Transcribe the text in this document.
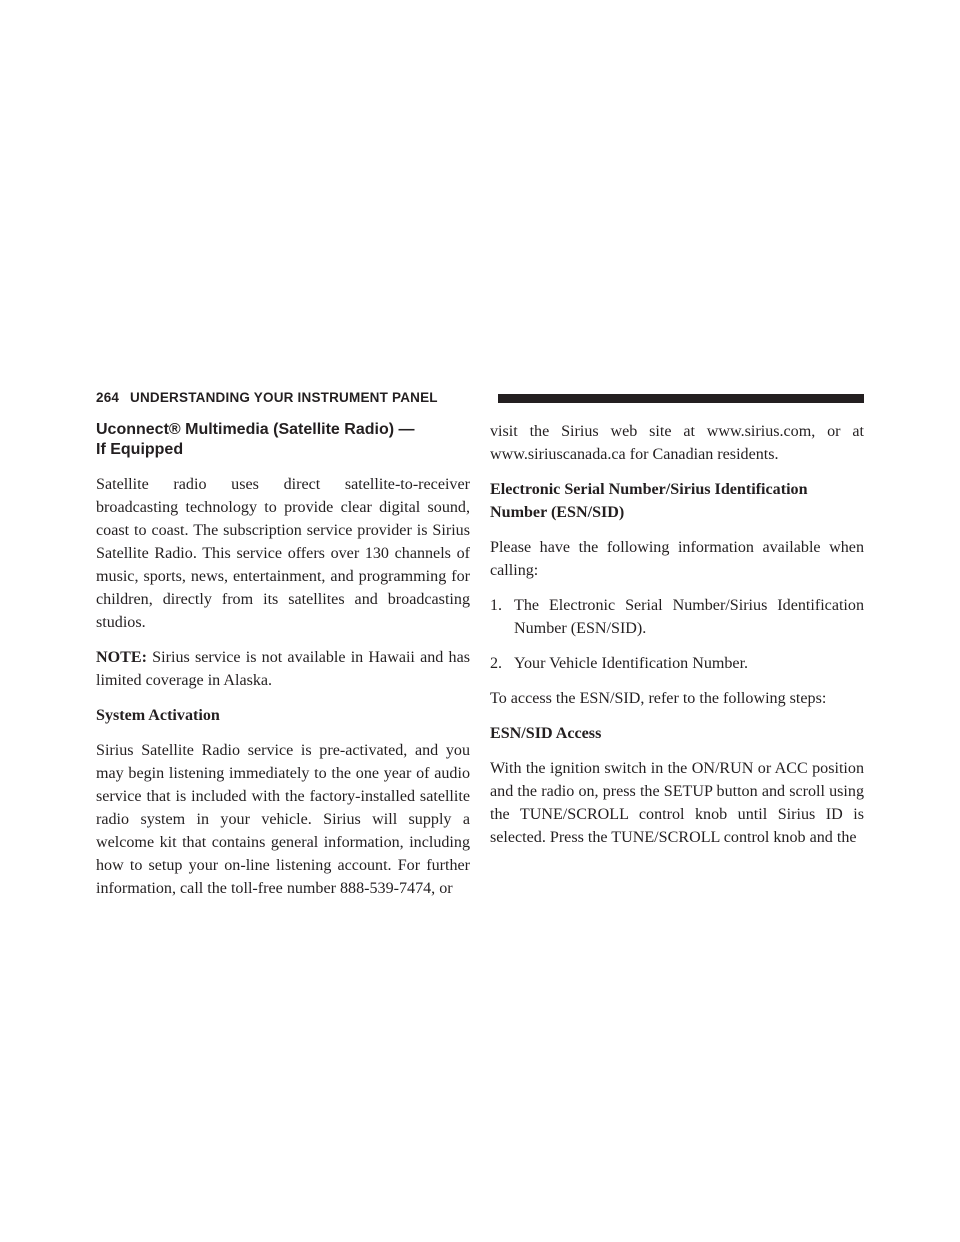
264 UNDERSTANDING YOUR INSTRUMENT PANEL
Uconnect® Multimedia (Satellite Radio) —
If Equipped

Satellite radio uses direct satellite-to-receiver broadcasting technology to provide clear digital sound, coast to coast. The subscription service provider is Sirius Satellite Radio. This service offers over 130 channels of music, sports, news, entertainment, and programming for children, directly from its satellites and broadcasting studios.

NOTE: Sirius service is not available in Hawaii and has limited coverage in Alaska.

System Activation

Sirius Satellite Radio service is pre-activated, and you may begin listening immediately to the one year of audio service that is included with the factory-installed satellite radio system in your vehicle. Sirius will supply a welcome kit that contains general information, including how to setup your on-line listening account. For further information, call the toll-free number 888-539-7474, or

visit the Sirius web site at www.sirius.com, or at www.siriuscanada.ca for Canadian residents.

Electronic Serial Number/Sirius Identification Number (ESN/SID)

Please have the following information available when calling:

1. The Electronic Serial Number/Sirius Identification Number (ESN/SID).
2. Your Vehicle Identification Number.

To access the ESN/SID, refer to the following steps:

ESN/SID Access

With the ignition switch in the ON/RUN or ACC position and the radio on, press the SETUP button and scroll using the TUNE/SCROLL control knob until Sirius ID is selected. Press the TUNE/SCROLL control knob and the
